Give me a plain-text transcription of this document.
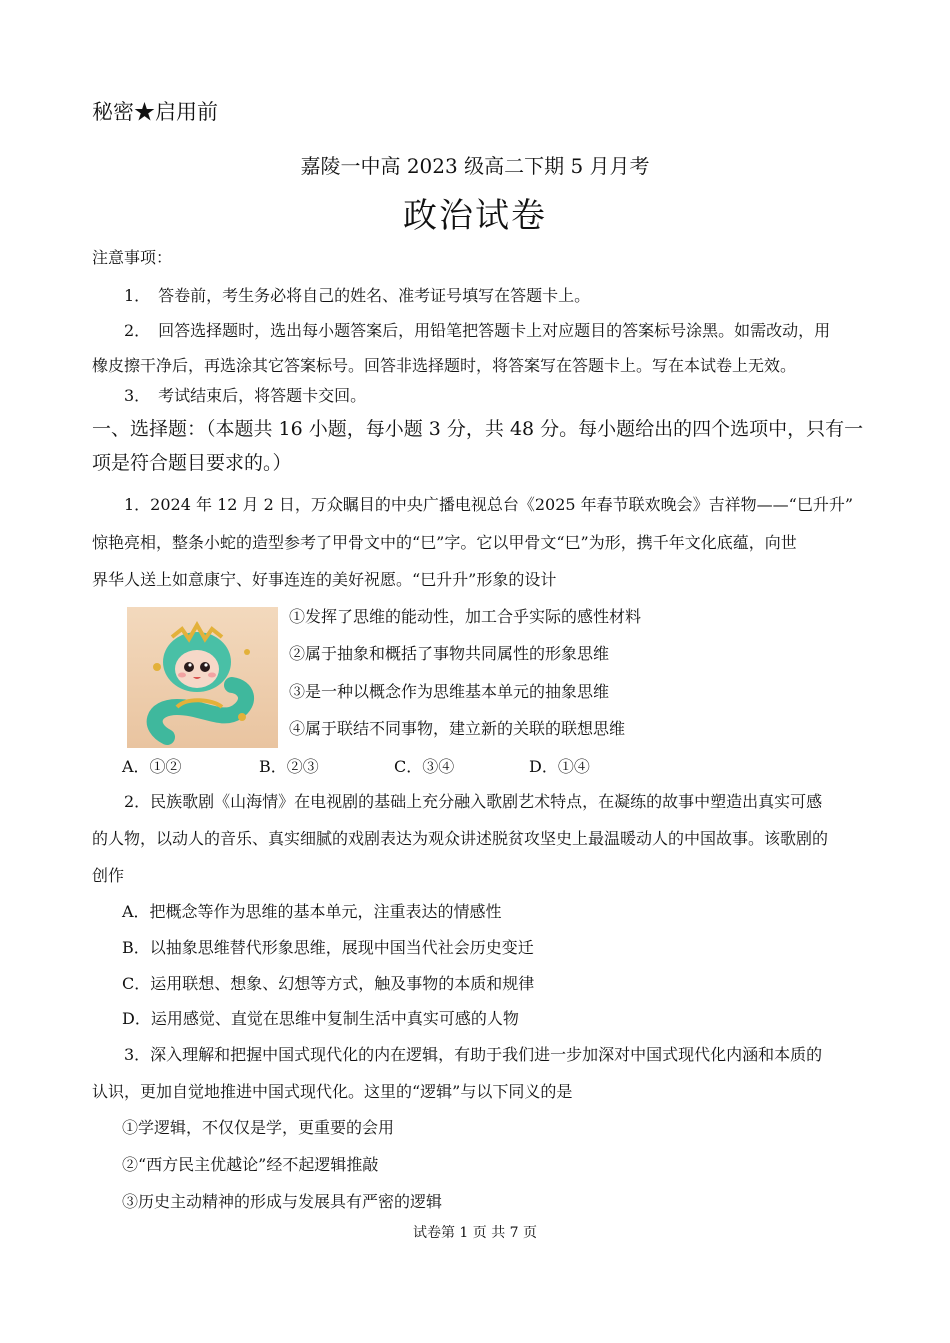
秘密★启用前
嘉陵一中高 2023 级高二下期 5 月月考
政治试卷
注意事项：
1．　答卷前，考生务必将自己的姓名、准考证号填写在答题卡上。
2．　回答选择题时，选出每小题答案后，用铅笔把答题卡上对应题目的答案标号涂黑。如需改动，用
橡皮擦干净后，再选涂其它答案标号。回答非选择题时，将答案写在答题卡上。写在本试卷上无效。
3．　考试结束后，将答题卡交回。
一、选择题：（本题共 16 小题，每小题 3 分，共 48 分。每小题给出的四个选项中，只有一
项是符合题目要求的。）
1．2024 年 12 月 2 日，万众瞩目的中央广播电视总台《2025 年春节联欢晚会》吉祥物——“巳升升”
惊艳亮相，整条小蛇的造型参考了甲骨文中的“巳”字。它以甲骨文“巳”为形，携千年文化底蕴，向世
界华人送上如意康宁、好事连连的美好祝愿。“巳升升”形象的设计
①发挥了思维的能动性，加工合乎实际的感性材料
②属于抽象和概括了事物共同属性的形象思维
③是一种以概念作为思维基本单元的抽象思维
④属于联结不同事物，建立新的关联的联想思维
A．①②	B．②③	C．③④	D．①④
2．民族歌剧《山海情》在电视剧的基础上充分融入歌剧艺术特点，在凝练的故事中塑造出真实可感
的人物，以动人的音乐、真实细腻的戏剧表达为观众讲述脱贫攻坚史上最温暖动人的中国故事。该歌剧的
创作
A．把概念等作为思维的基本单元，注重表达的情感性
B．以抽象思维替代形象思维，展现中国当代社会历史变迁
C．运用联想、想象、幻想等方式，触及事物的本质和规律
D．运用感觉、直觉在思维中复制生活中真实可感的人物
3．深入理解和把握中国式现代化的内在逻辑，有助于我们进一步加深对中国式现代化内涵和本质的
认识，更加自觉地推进中国式现代化。这里的“逻辑”与以下同义的是
①学逻辑，不仅仅是学，更重要的会用
②“西方民主优越论”经不起逻辑推敲
③历史主动精神的形成与发展具有严密的逻辑
试卷第 1 页 共 7 页
